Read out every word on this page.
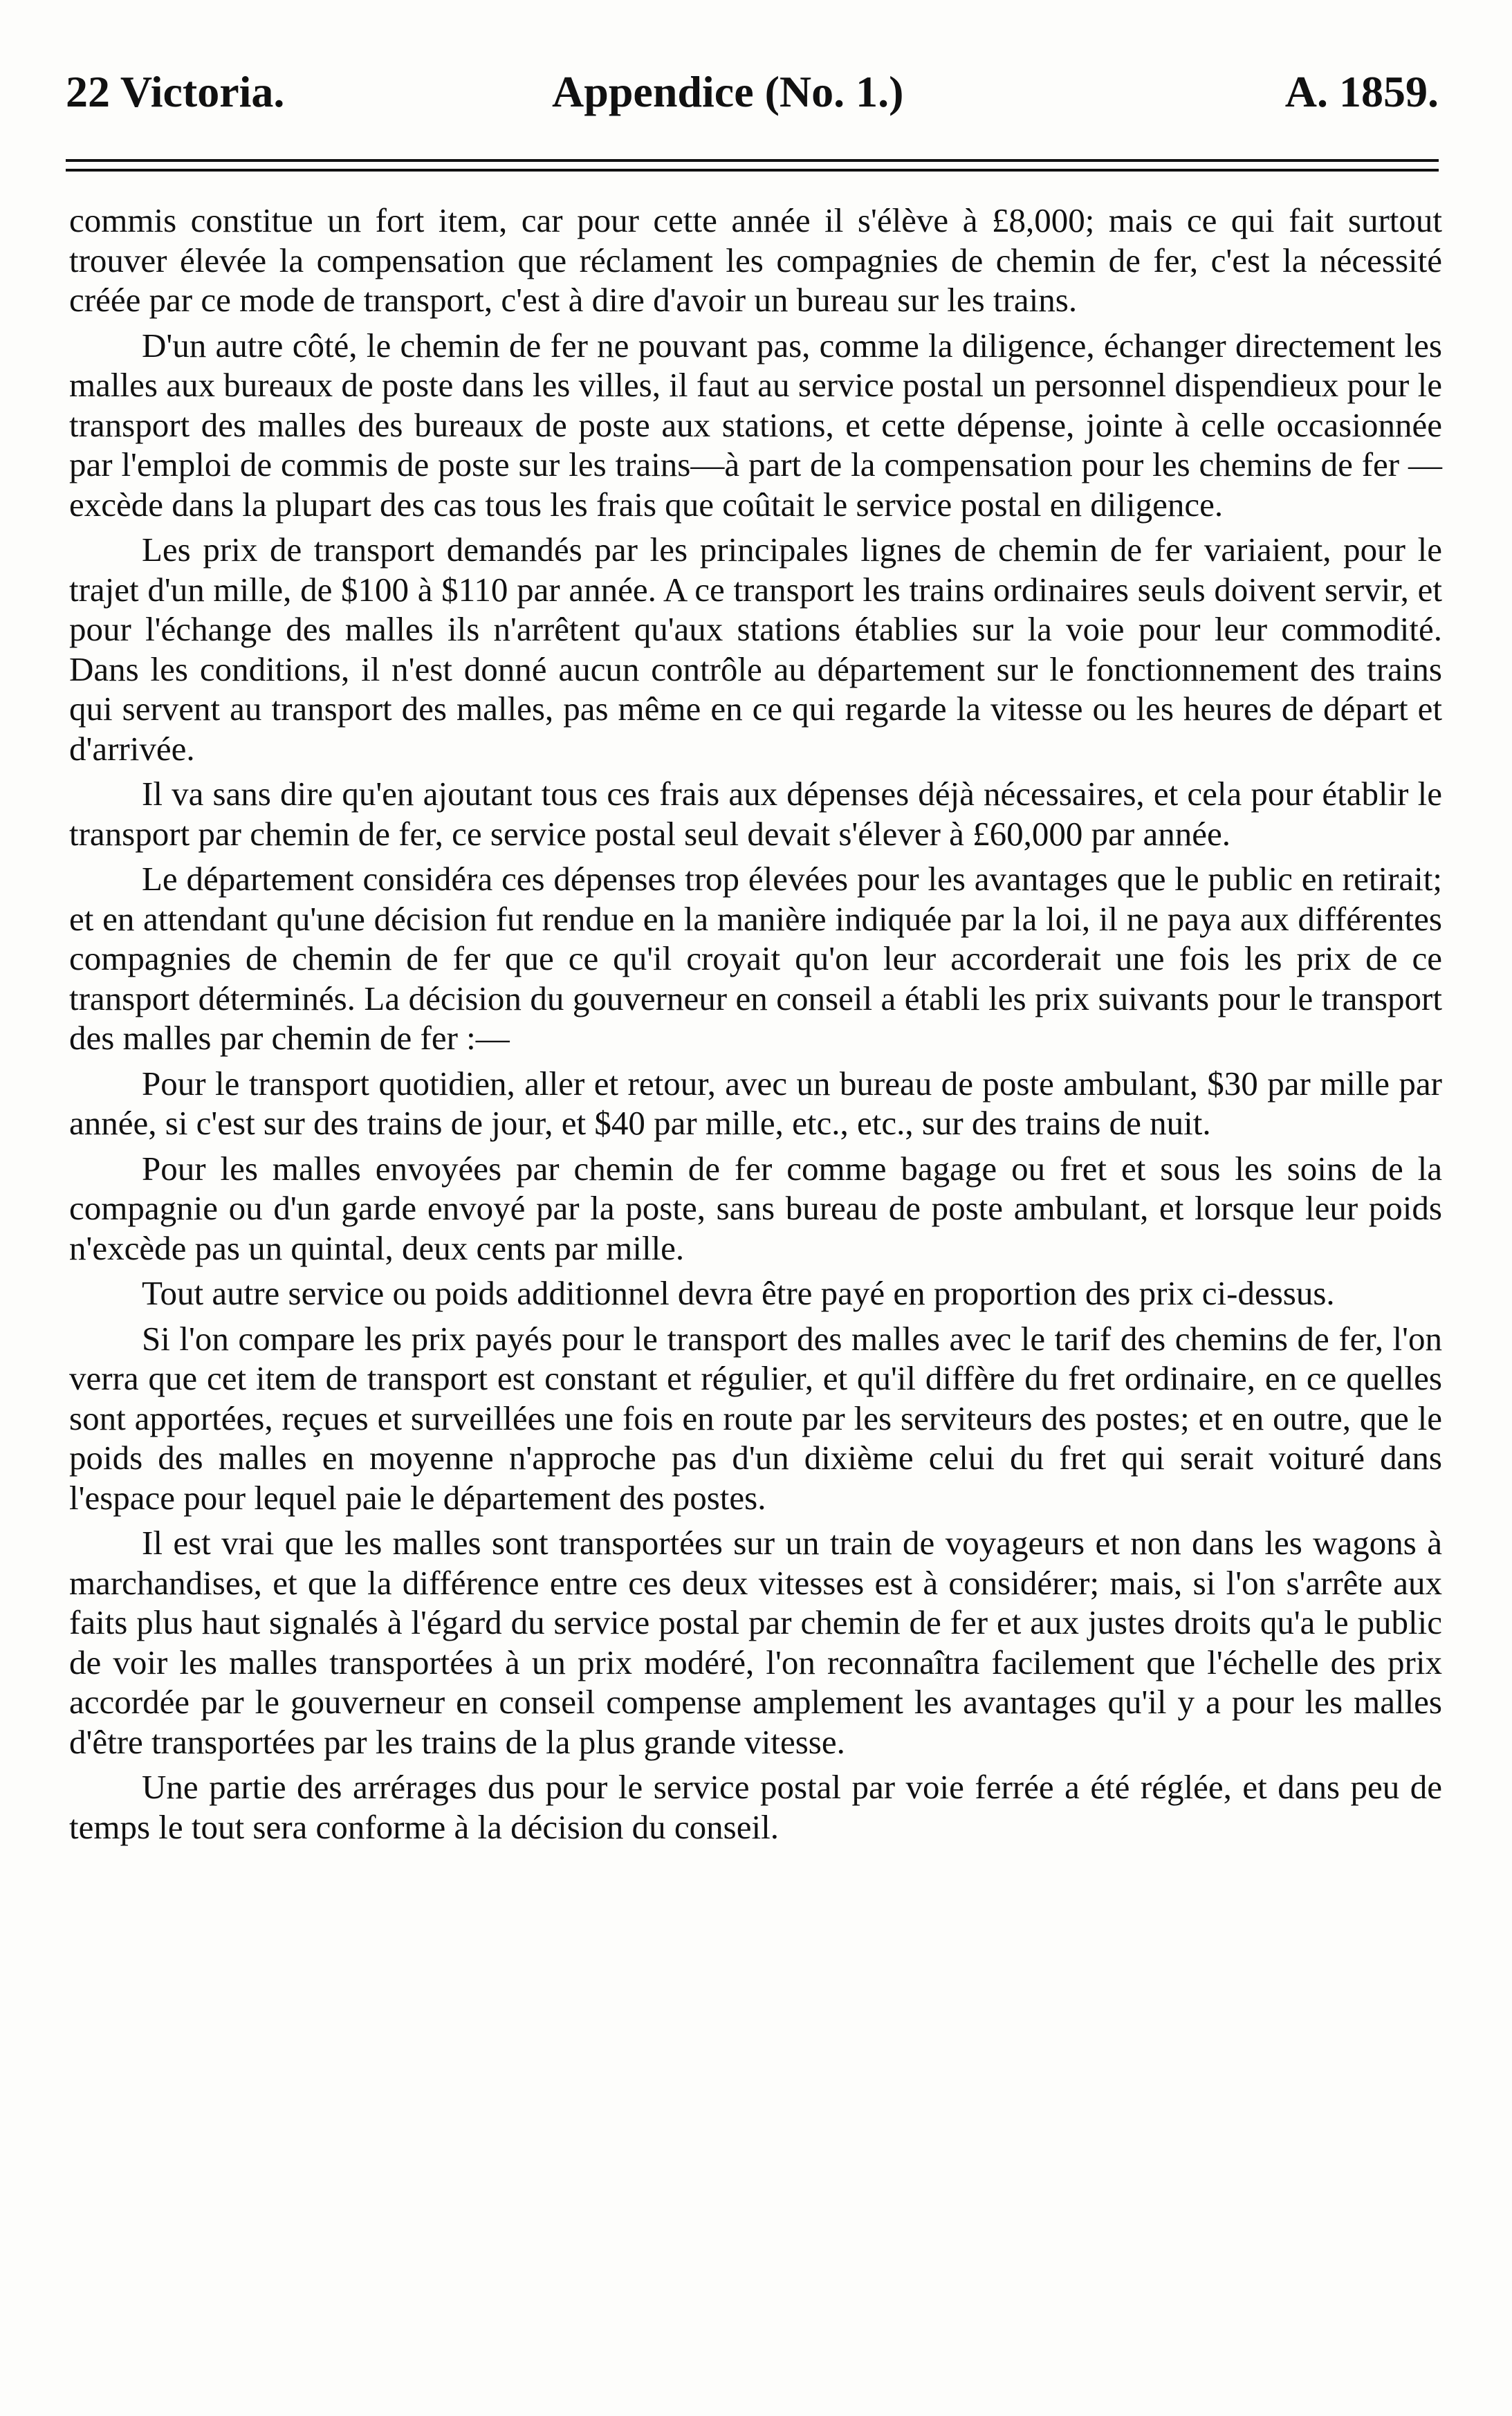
22 Victoria.	Appendice (No. 1.)	A. 1859.

commis constitue un fort item, car pour cette année il s'élève à £8,000; mais ce qui fait surtout trouver élevée la compensation que réclament les compagnies de chemin de fer, c'est la nécessité créée par ce mode de transport, c'est à dire d'avoir un bureau sur les trains.

D'un autre côté, le chemin de fer ne pouvant pas, comme la diligence, échanger directement les malles aux bureaux de poste dans les villes, il faut au service postal un personnel dispendieux pour le transport des malles des bureaux de poste aux stations, et cette dépense, jointe à celle occasionnée par l'emploi de commis de poste sur les trains—à part de la compensation pour les chemins de fer — excède dans la plupart des cas tous les frais que coûtait le service postal en diligence.

Les prix de transport demandés par les principales lignes de chemin de fer variaient, pour le trajet d'un mille, de $100 à $110 par année. A ce transport les trains ordinaires seuls doivent servir, et pour l'échange des malles ils n'arrêtent qu'aux stations établies sur la voie pour leur commodité. Dans les conditions, il n'est donné aucun contrôle au département sur le fonctionnement des trains qui servent au transport des malles, pas même en ce qui regarde la vitesse ou les heures de départ et d'arrivée.

Il va sans dire qu'en ajoutant tous ces frais aux dépenses déjà nécessaires, et cela pour établir le transport par chemin de fer, ce service postal seul devait s'élever à £60,000 par année.

Le département considéra ces dépenses trop élevées pour les avantages que le public en retirait; et en attendant qu'une décision fut rendue en la manière indiquée par la loi, il ne paya aux différentes compagnies de chemin de fer que ce qu'il croyait qu'on leur accorderait une fois les prix de ce transport déterminés. La décision du gouverneur en conseil a établi les prix suivants pour le transport des malles par chemin de fer :—

Pour le transport quotidien, aller et retour, avec un bureau de poste ambulant, $30 par mille par année, si c'est sur des trains de jour, et $40 par mille, etc., etc., sur des trains de nuit.

Pour les malles envoyées par chemin de fer comme bagage ou fret et sous les soins de la compagnie ou d'un garde envoyé par la poste, sans bureau de poste ambulant, et lorsque leur poids n'excède pas un quintal, deux cents par mille.

Tout autre service ou poids additionnel devra être payé en proportion des prix ci-dessus.

Si l'on compare les prix payés pour le transport des malles avec le tarif des chemins de fer, l'on verra que cet item de transport est constant et régulier, et qu'il diffère du fret ordinaire, en ce quelles sont apportées, reçues et surveillées une fois en route par les serviteurs des postes; et en outre, que le poids des malles en moyenne n'approche pas d'un dixième celui du fret qui serait voituré dans l'espace pour lequel paie le département des postes.

Il est vrai que les malles sont transportées sur un train de voyageurs et non dans les wagons à marchandises, et que la différence entre ces deux vitesses est à considérer; mais, si l'on s'arrête aux faits plus haut signalés à l'égard du service postal par chemin de fer et aux justes droits qu'a le public de voir les malles transportées à un prix modéré, l'on reconnaîtra facilement que l'échelle des prix accordée par le gouverneur en conseil compense amplement les avantages qu'il y a pour les malles d'être transportées par les trains de la plus grande vitesse.

Une partie des arrérages dus pour le service postal par voie ferrée a été réglée, et dans peu de temps le tout sera conforme à la décision du conseil.
